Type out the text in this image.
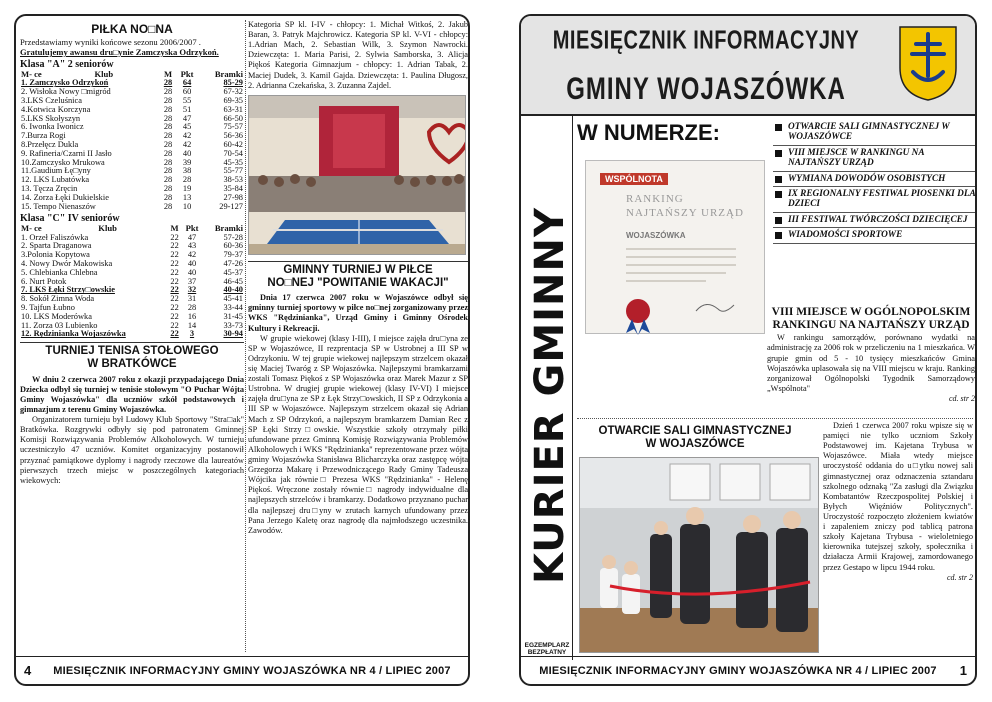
PIŁKA NO□NA
Przedstawiamy wyniki końcowe sezonu 2006/2007 .
Gratulujemy awansu dru□ynie Zamczyska Odrzykoń.
Klasa "A" 2 seniorów
M- ce	Klub	M	Pkt	Bramki
1. Zamczysko Odrzykoń		28	64	85-29
2. Wisłoka Nowy □migród		28	60	67-32
3.LKS Czeluśnica		28	55	69-35
4.Kotwica Korczyna		28	51	63-31
5.LKS Skołyszyn		28	47	66-50
6. Iwonka Iwonicz		28	45	75-57
7.Burza Rogi		28	42	56-36
8.Przełęcz Dukla		28	42	60-42
9. Rafineria/Czarni II Jasło		28	40	70-54
10.Zamczysko Mrukowa		28	39	45-35
11.Gaudium Łę□yny		28	38	55-77
12. LKS Lubatówka		28	28	38-53
13. Tęcza Zręcin		28	19	35-84
14. Zorza Łęki Dukielskie		28	13	27-98
15. Tempo Nienaszów		28	10	29-127
Klasa "C" IV seniorów
M- ce	Klub	M	Pkt	Bramki
1. Orzeł Faliszówka		22	47	57-28
2. Sparta Draganowa		22	43	60-36
3.Polonia Kopytowa		22	42	79-37
4. Nowy Dwór Makowiska		22	40	47-26
5. Chlebianka Chlebna		22	40	45-37
6. Nurt Potok		22	37	46-45
7. LKS Łęki Strzy□owskie		22	32	40-40
8. Sokół Zimna Woda		22	31	45-41
9. Tajfun Łubno		22	28	33-44
10. LKS Moderówka		22	16	31-45
11. Zorza 03 Lubienko		22	14	33-73
12. Rędzinianka Wojaszówka		22	3	30-94
TURNIEJ TENISA STOŁOWEGO
W BRATKÓWCE

W dniu 2 czerwca 2007 roku z okazji przypadającego Dnia Dziecka odbył się turniej w tenisie stołowym "O Puchar Wójta Gminy Wojaszówka" dla uczniów szkół podstawowych i gimnazjum z terenu Gminy Wojaszówka.

Organizatorem turnieju był Ludowy Klub Sportowy "Stra□ak" Bratkówka. Rozgrywki odbyły się pod patronatem Gminnej Komisji Rozwiązywania Problemów Alkoholowych. W turnieju uczestniczyło 47 uczniów. Komitet organizacyjny postanowił przyznać pamiątkowe dyplomy i nagrody rzeczowe dla laureatów pierwszych trzech miejsc w poszczególnych kategoriach wiekowych:

Kategoria SP kl. I-IV - chłopcy: 1. Michał Witkoś, 2. Jakub Baran, 3. Patryk Majchrowicz. Kategoria SP kl. V-VI - chłopcy: 1.Adrian Mach, 2. Sebastian Wilk, 3. Szymon Nawrocki. Dziewczęta: 1. Maria Parisi, 2. Sylwia Samborska, 3. Alicja Piękoś Kategoria Gimnazjum - chłopcy: 1. Adrian Tabak, 2. Maciej Dudek, 3. Kamil Gajda. Dziewczęta: 1. Paulina Długosz, 2. Adrianna Czekańska, 3. Zuzanna Zajdel.

GMINNY TURNIEJ W PIŁCE
NO□NEJ "POWITANIE WAKACJI"

Dnia 17 czerwca 2007 roku w Wojaszówce odbył się gminny turniej sportowy w piłce no□nej zorganizowany przez WKS "Rędzinianka", Urząd Gminy i Gminny Ośrodek Kultury i Rekreacji.

W grupie wiekowej (klasy I-III), I miejsce zajęła dru□yna ze SP w Wojaszówce, II rezprentacja SP w Ustrobnej a III SP w Odrzykoniu. W tej grupie wiekowej najlepszym strzelcem okazał się Maciej Twaróg z SP Wojaszówka. Najlepszymi bramkarzami zostali Tomasz Piękoś z SP Wojaszówka oraz Marek Mazur z SP Ustrobna. W drugiej grupie wiekowej (klasy IV-VI) I miejsce zajęła dru□yna ze SP z Łęk Strzy□owskich, II SP z Odrzykonia a III SP w Wojaszówce. Najlepszym strzelcem okazał się Adrian Mach z SP Odrzykoń, a najlepszym bramkarzem Damian Rec z SP Łęki Strzy□owskie. Wszystkie szkoły otrzymały piłki ufundowane przez Gminną Komisję Rozwiązywania Problemów Alkoholowych i WKS "Rędzinianka" reprezentowane przez wójta gminy Wojaszówka Stanisława Blicharczyka oraz zastępcę wójta Grzegorza Makarę i Przewodniczącego Rady Gminy Tadeusza Wójcika jak równie□ Prezesa WKS "Rędzinianka" - Helenę Piękoś. Wręczone zostały równie□ nagrody indywidualne dla najlepszych strzelców i bramkarzy. Dodatkowo przyznano puchar dla najlepszej dru□yny w zrutach karnych ufundowany przez Pana Jerzego Kaletę oraz nagrodę dla najmłodszego uczestnika. Zawodów.

4	MIESIĘCZNIK INFORMACYJNY GMINY WOJASZÓWKA NR 4 / LIPIEC 2007
MIESIĘCZNIK INFORMACYJNY
GMINY WOJASZÓWKA
KURIER GMINNY
EGZEMPLARZ BEZPŁATNY
W NUMERZE:	OTWARCIE SALI GIMNASTYCZNEJ W WOJASZÓWCE
VIII MIEJSCE W RANKINGU NA NAJTAŃSZY URZĄD
WYMIANA DOWODÓW OSOBISTYCH
IX REGIONALNY FESTIWAL PIOSENKI DLA DZIECI
III FESTIWAL TWÓRCZOŚCI DZIECIĘCEJ
WIADOMOŚCI SPORTOWE
WSPÓLNOTA
RANKING
NAJTAŃSZY URZĄD
WOJASZÓWKA
VIII MIEJSCE W OGÓLNOPOLSKIM RANKINGU NA NAJTAŃSZY URZĄD

W rankingu samorządów, porównano wydatki na administrację za 2006 rok w przeliczeniu na 1 mieszkańca. W grupie gmin od 5 - 10 tysięcy mieszkańców Gmina Wojaszówka uplasowała się na VIII miejscu w kraju. Ranking zorganizował Ogólnopolski Tygodnik Samorządowy „Wspólnota"

cd. str 2
OTWARCIE SALI GIMNASTYCZNEJ
W WOJASZÓWCE

Dzień 1 czerwca 2007 roku wpisze się w pamięci nie tylko uczniom Szkoły Podstawowej im. Kajetana Trybusa w Wojaszówce. Miała wtedy miejsce uroczystość oddania do u□ytku nowej sali gimnastycznej oraz odznaczenia sztandaru szkolnego odznaką "Za zasługi dla Związku Kombatantów Rzeczpospolitej Polskiej i Byłych Więźniów Politycznych". Uroczystość rozpoczęto złożeniem kwiatów i zapaleniem zniczy pod tablicą patrona szkoły Kajetana Trybusa - wieloletniego kierownika tutejszej szkoły, społecznika i działacza Armii Krajowej, zamordowanego przez Gestapo w lipcu 1944 roku.

cd. str 2
MIESIĘCZNIK INFORMACYJNY GMINY WOJASZÓWKA NR 4 / LIPIEC 2007	1
